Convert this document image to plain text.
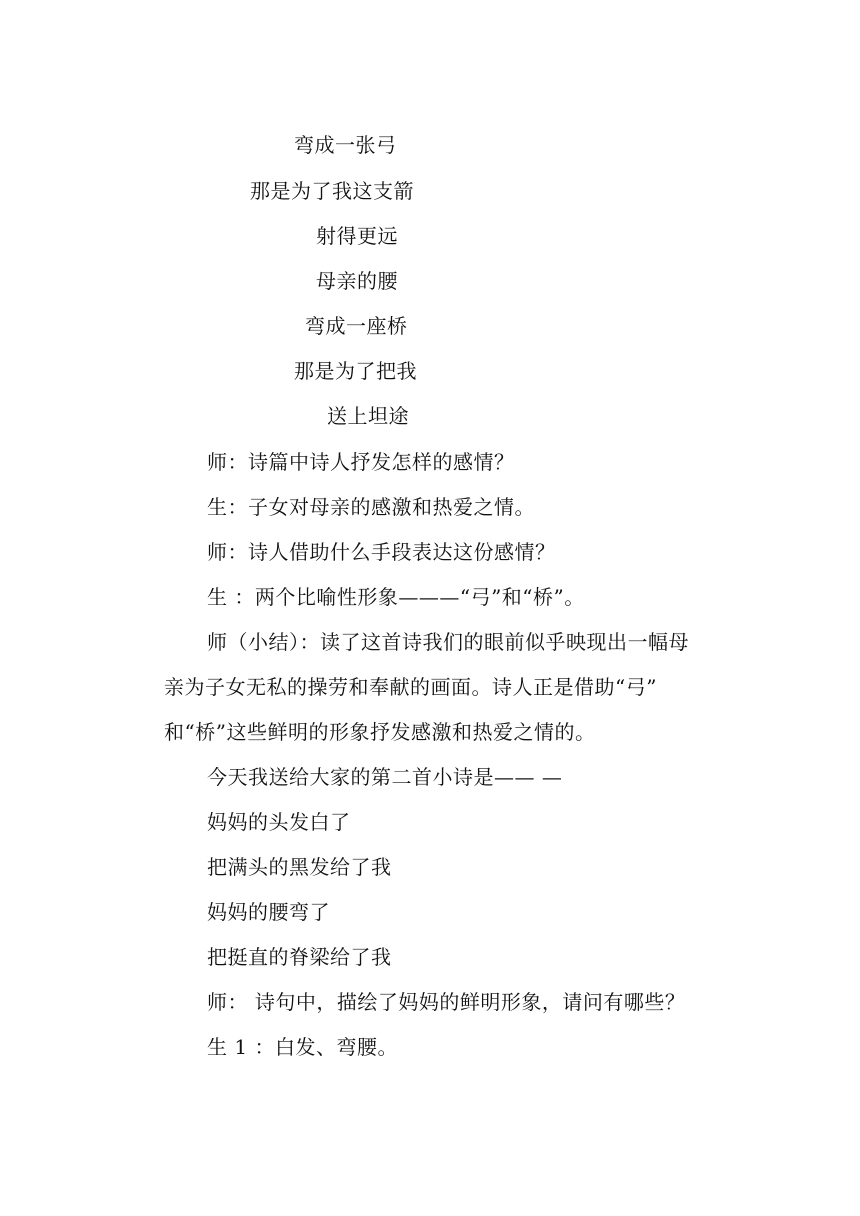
弯成一张弓
那是为了我这支箭
射得更远
母亲的腰
弯成一座桥
那是为了把我
送上坦途
师：诗篇中诗人抒发怎样的感情？
生：子女对母亲的感激和热爱之情。
师：诗人借助什么手段表达这份感情？
生 ：两个比喻性形象———“弓”和“桥”。
师（小结）：读了这首诗我们的眼前似乎映现出一幅母
亲为子女无私的操劳和奉献的画面。诗人正是借助“弓”
和“桥”这些鲜明的形象抒发感激和热爱之情的。
今天我送给大家的第二首小诗是—— —
妈妈的头发白了
把满头的黑发给了我
妈妈的腰弯了
把挺直的脊梁给了我
师： 诗句中，描绘了妈妈的鲜明形象，请问有哪些？
生 1 ：白发、弯腰。
